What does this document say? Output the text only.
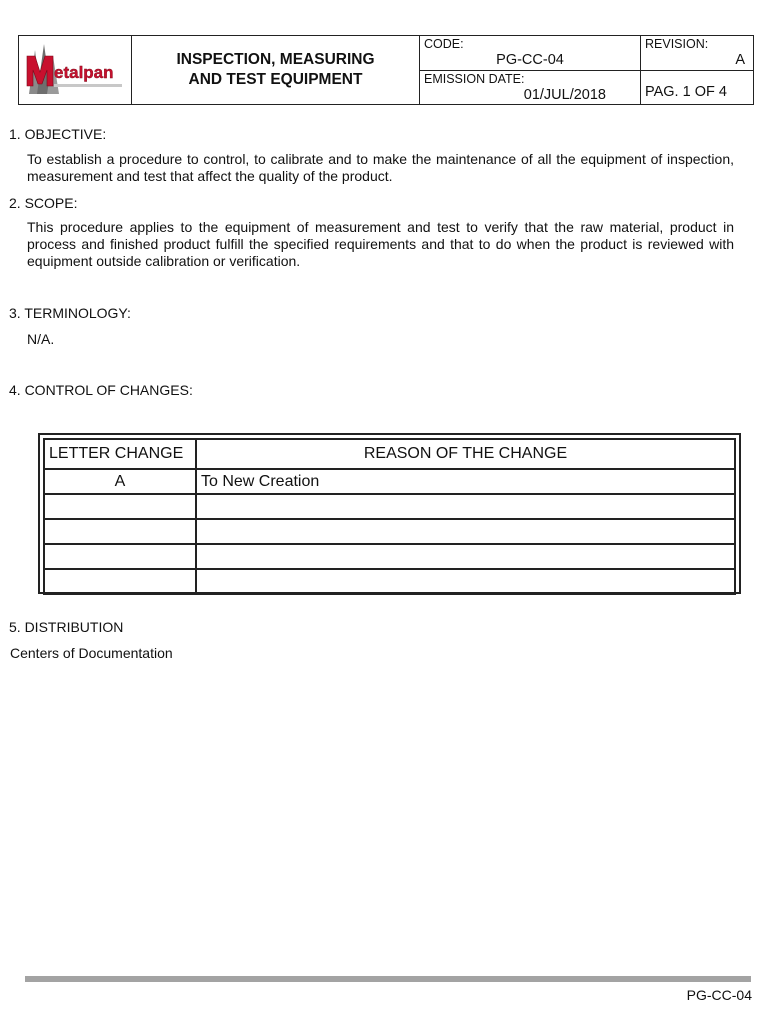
etalpan
INSPECTION, MEASURING
AND TEST EQUIPMENT
CODE:
PG-CC-04
EMISSION DATE:
01/JUL/2018
REVISION:
A
PAG. 1 OF 4
1. OBJECTIVE:
To establish a procedure to control, to calibrate and to make the maintenance of all the equipment of inspection, measurement and test that affect the quality of the product.
2. SCOPE:
This procedure applies to the equipment of measurement and test to verify that the raw material, product in process and finished product fulfill the specified requirements and that to do when the product is reviewed with equipment outside calibration or verification.
3. TERMINOLOGY:
N/A.
4. CONTROL OF CHANGES:
LETTER CHANGE	REASON OF THE CHANGE
A	To New Creation

5. DISTRIBUTION
Centers of Documentation
PG-CC-04
